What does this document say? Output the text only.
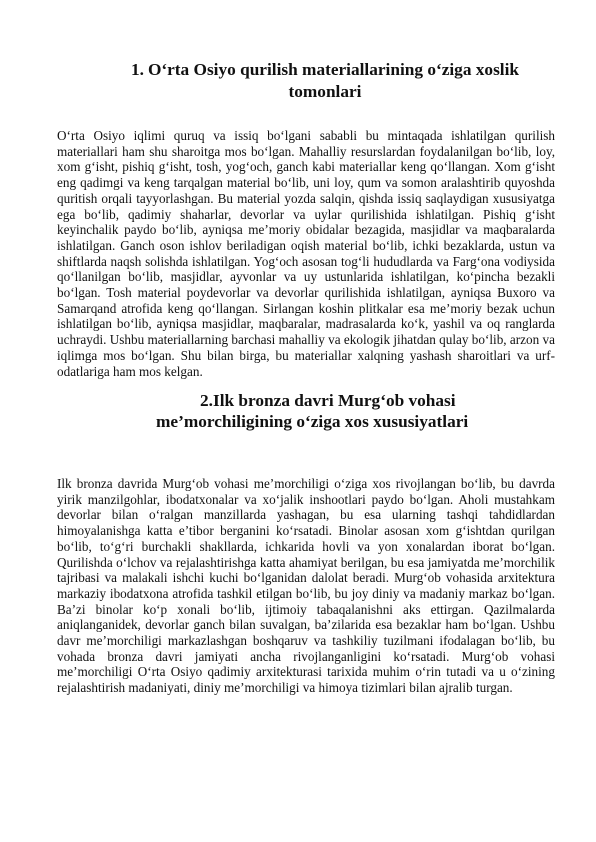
1. O‘rta Osiyo qurilish materiallarining o‘ziga xoslik tomonlari

O‘rta Osiyo iqlimi quruq va issiq bo‘lgani sababli bu mintaqada ishlatilgan qurilish materiallari ham shu sharoitga mos bo‘lgan. Mahalliy resurslardan foydalanilgan bo‘lib, loy, xom g‘isht, pishiq g‘isht, tosh, yog‘och, ganch kabi materiallar keng qo‘llangan. Xom g‘isht eng qadimgi va keng tarqalgan material bo‘lib, uni loy, qum va somon aralashtirib quyoshda quritish orqali tayyorlashgan. Bu material yozda salqin, qishda issiq saqlaydigan xususiyatga ega bo‘lib, qadimiy shaharlar, devorlar va uylar qurilishida ishlatilgan. Pishiq g‘isht keyinchalik paydo bo‘lib, ayniqsa me’moriy obidalar bezagida, masjidlar va maqbaralarda ishlatilgan. Ganch oson ishlov beriladigan oqish material bo‘lib, ichki bezaklarda, ustun va shiftlarda naqsh solishda ishlatilgan. Yog‘och asosan tog‘li hududlarda va Farg‘ona vodiysida qo‘llanilgan bo‘lib, masjidlar, ayvonlar va uy ustunlarida ishlatilgan, ko‘pincha bezakli bo‘lgan. Tosh material poydevorlar va devorlar qurilishida ishlatilgan, ayniqsa Buxoro va Samarqand atrofida keng qo‘llangan. Sirlangan koshin plitkalar esa me’moriy bezak uchun ishlatilgan bo‘lib, ayniqsa masjidlar, maqbaralar, madrasalarda ko‘k, yashil va oq ranglarda uchraydi. Ushbu materiallarning barchasi mahalliy va ekologik jihatdan qulay bo‘lib, arzon va iqlimga mos bo‘lgan. Shu bilan birga, bu materiallar xalqning yashash sharoitlari va urf-odatlariga ham mos kelgan.

2.Ilk bronza davri Murg‘ob vohasi
me’morchiligining o‘ziga xos xususiyatlari

Ilk bronza davrida Murg‘ob vohasi me’morchiligi o‘ziga xos rivojlangan bo‘lib, bu davrda yirik manzilgohlar, ibodatxonalar va xo‘jalik inshootlari paydo bo‘lgan. Aholi mustahkam devorlar bilan o‘ralgan manzillarda yashagan, bu esa ularning tashqi tahdidlardan himoyalanishga katta e’tibor berganini ko‘rsatadi. Binolar asosan xom g‘ishtdan qurilgan bo‘lib, to‘g‘ri burchakli shakllarda, ichkarida hovli va yon xonalardan iborat bo‘lgan. Qurilishda o‘lchov va rejalashtirishga katta ahamiyat berilgan, bu esa jamiyatda me’morchilik tajribasi va malakali ishchi kuchi bo‘lganidan dalolat beradi. Murg‘ob vohasida arxitektura markaziy ibodatxona atrofida tashkil etilgan bo‘lib, bu joy diniy va madaniy markaz bo‘lgan. Ba’zi binolar ko‘p xonali bo‘lib, ijtimoiy tabaqalanishni aks ettirgan. Qazilmalarda aniqlanganidek, devorlar ganch bilan suvalgan, ba’zilarida esa bezaklar ham bo‘lgan. Ushbu davr me’morchiligi markazlashgan boshqaruv va tashkiliy tuzilmani ifodalagan bo‘lib, bu vohada bronza davri jamiyati ancha rivojlanganligini ko‘rsatadi. Murg‘ob vohasi me’morchiligi O‘rta Osiyo qadimiy arxitekturasi tarixida muhim o‘rin tutadi va u o‘zining rejalashtirish madaniyati, diniy me’morchiligi va himoya tizimlari bilan ajralib turgan.
